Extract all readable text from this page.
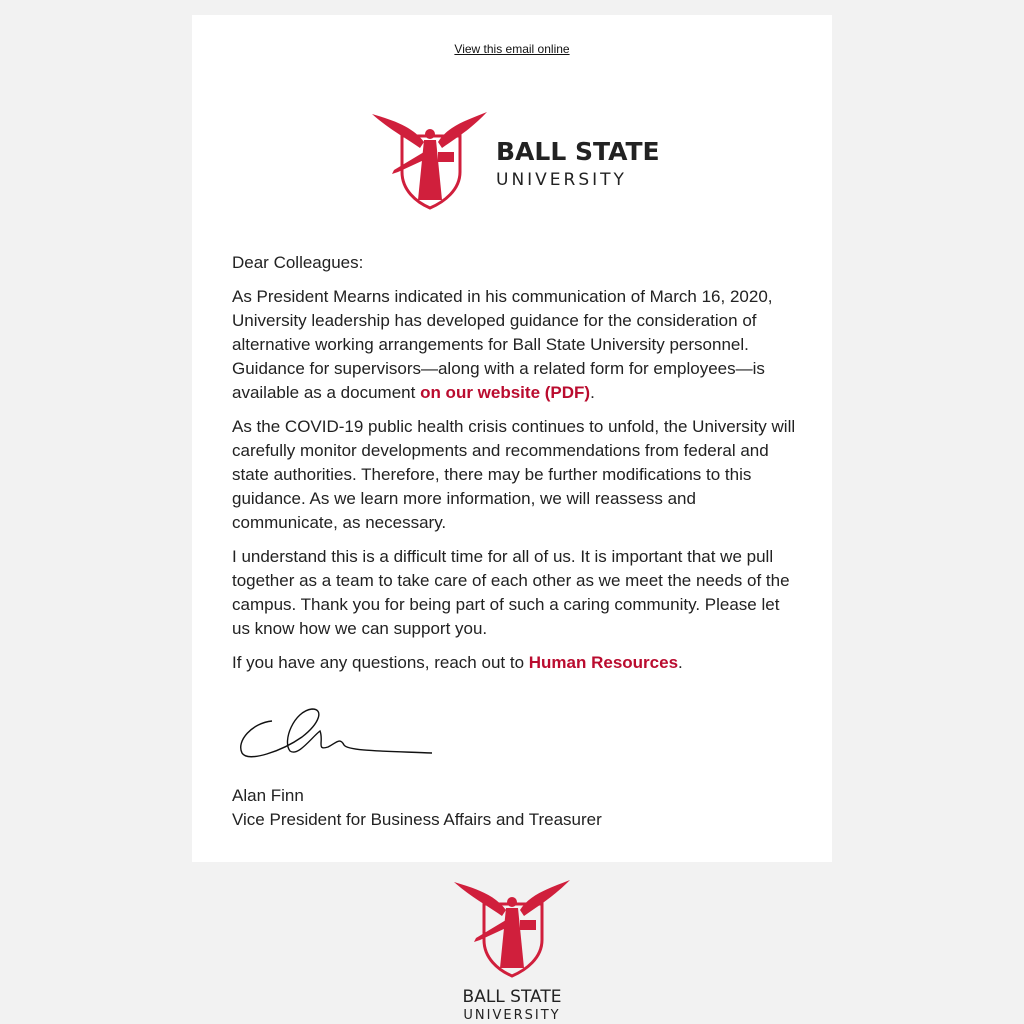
View this email online
BALL STATE
UNIVERSITY

Dear Colleagues:

As President Mearns indicated in his communication of March 16, 2020, University leadership has developed guidance for the consideration of alternative working arrangements for Ball State University personnel. Guidance for supervisors—along with a related form for employees—is available as a document on our website (PDF).

As the COVID-19 public health crisis continues to unfold, the University will carefully monitor developments and recommendations from federal and state authorities. Therefore, there may be further modifications to this guidance. As we learn more information, we will reassess and communicate, as necessary.

I understand this is a difficult time for all of us. It is important that we pull together as a team to take care of each other as we meet the needs of the campus. Thank you for being part of such a caring community. Please let us know how we can support you.

If you have any questions, reach out to Human Resources.

Alan Finn
Vice President for Business Affairs and Treasurer
BALL STATE
UNIVERSITY
